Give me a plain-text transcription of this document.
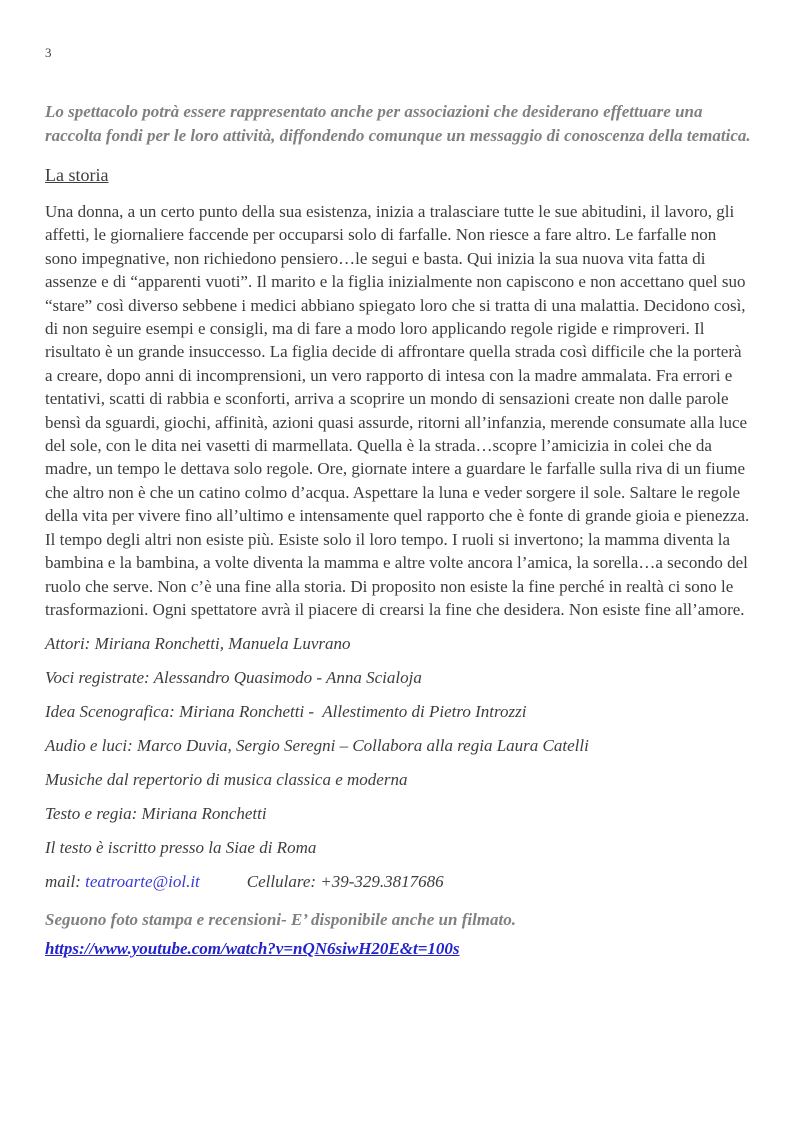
3

Lo spettacolo potrà essere rappresentato anche per associazioni che desiderano effettuare una raccolta fondi per le loro attività, diffondendo comunque un messaggio di conoscenza della tematica.

La storia

Una donna, a un certo punto della sua esistenza, inizia a tralasciare tutte le sue abitudini, il lavoro, gli affetti, le giornaliere faccende per occuparsi solo di farfalle. Non riesce a fare altro. Le farfalle non sono impegnative, non richiedono pensiero…le segui e basta. Qui inizia la sua nuova vita fatta di assenze e di “apparenti vuoti”. Il marito e la figlia inizialmente non capiscono e non accettano quel suo “stare” così diverso sebbene i medici abbiano spiegato loro che si tratta di una malattia. Decidono così, di non seguire esempi e consigli, ma di fare a modo loro applicando regole rigide e rimproveri. Il risultato è un grande insuccesso. La figlia decide di affrontare quella strada così difficile che la porterà a creare, dopo anni di incomprensioni, un vero rapporto di intesa con la madre ammalata. Fra errori e tentativi, scatti di rabbia e sconforti, arriva a scoprire un mondo di sensazioni create non dalle parole bensì da sguardi, giochi, affinità, azioni quasi assurde, ritorni all’infanzia, merende consumate alla luce del sole, con le dita nei vasetti di marmellata. Quella è la strada…scopre l’amicizia in colei che da madre, un tempo le dettava solo regole. Ore, giornate intere a guardare le farfalle sulla riva di un fiume che altro non è che un catino colmo d’acqua. Aspettare la luna e veder sorgere il sole. Saltare le regole della vita per vivere fino all’ultimo e intensamente quel rapporto che è fonte di grande gioia e pienezza. Il tempo degli altri non esiste più. Esiste solo il loro tempo. I ruoli si invertono; la mamma diventa la bambina e la bambina, a volte diventa la mamma e altre volte ancora l’amica, la sorella…a secondo del ruolo che serve. Non c’è una fine alla storia. Di proposito non esiste la fine perché in realtà ci sono le trasformazioni. Ogni spettatore avrà il piacere di crearsi la fine che desidera. Non esiste fine all’amore.

Attori: Miriana Ronchetti, Manuela Luvrano

Voci registrate: Alessandro Quasimodo - Anna Scialoja

Idea Scenografica: Miriana Ronchetti -  Allestimento di Pietro Introzzi

Audio e luci: Marco Duvia, Sergio Seregni – Collabora alla regia Laura Catelli

Musiche dal repertorio di musica classica e moderna

Testo e regia: Miriana Ronchetti

Il testo è iscritto presso la Siae di Roma

mail: teatroarte@iol.it	Cellulare: +39-329.3817686

Seguono foto stampa e recensioni- E’ disponibile anche un filmato.
https://www.youtube.com/watch?v=nQN6siwH20E&t=100s
